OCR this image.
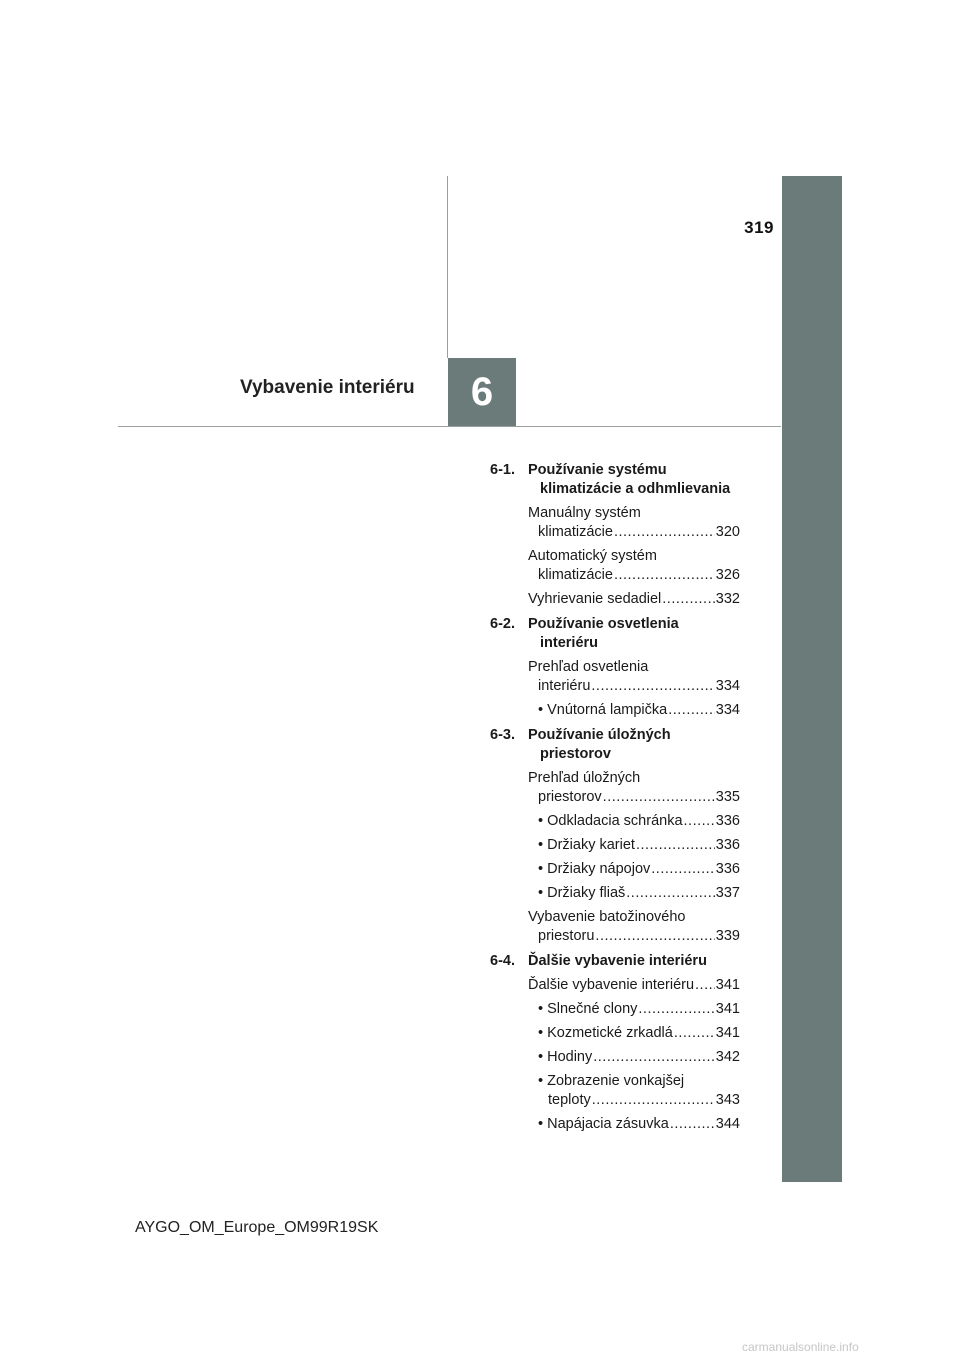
319
Vybavenie interiéru	6
6-1. Používanie systému
klimatizácie a odhmlievania
Manuálny systém
klimatizácie .....	320
Automatický systém
klimatizácie .....	326
Vyhrievanie sedadiel .....	332
6-2. Používanie osvetlenia
interiéru
Prehľad osvetlenia
interiéru .....	334
• Vnútorná lampička .....	334
6-3. Používanie úložných
priestorov
Prehľad úložných
priestorov .....	335
• Odkladacia schránka ..... 336
• Držiaky kariet .....	336
• Držiaky nápojov .....	336
• Držiaky fliaš .....	337
Vybavenie batožinového
priestoru .....	339
6-4. Ďalšie vybavenie interiéru
Ďalšie vybavenie interiéru ..... 341
• Slnečné clony .....	341
• Kozmetické zrkadlá .....	341
• Hodiny .....	342
• Zobrazenie vonkajšej
teploty .....	343
• Napájacia zásuvka .....	344
AYGO_OM_Europe_OM99R19SK
carmanualsonline.info
